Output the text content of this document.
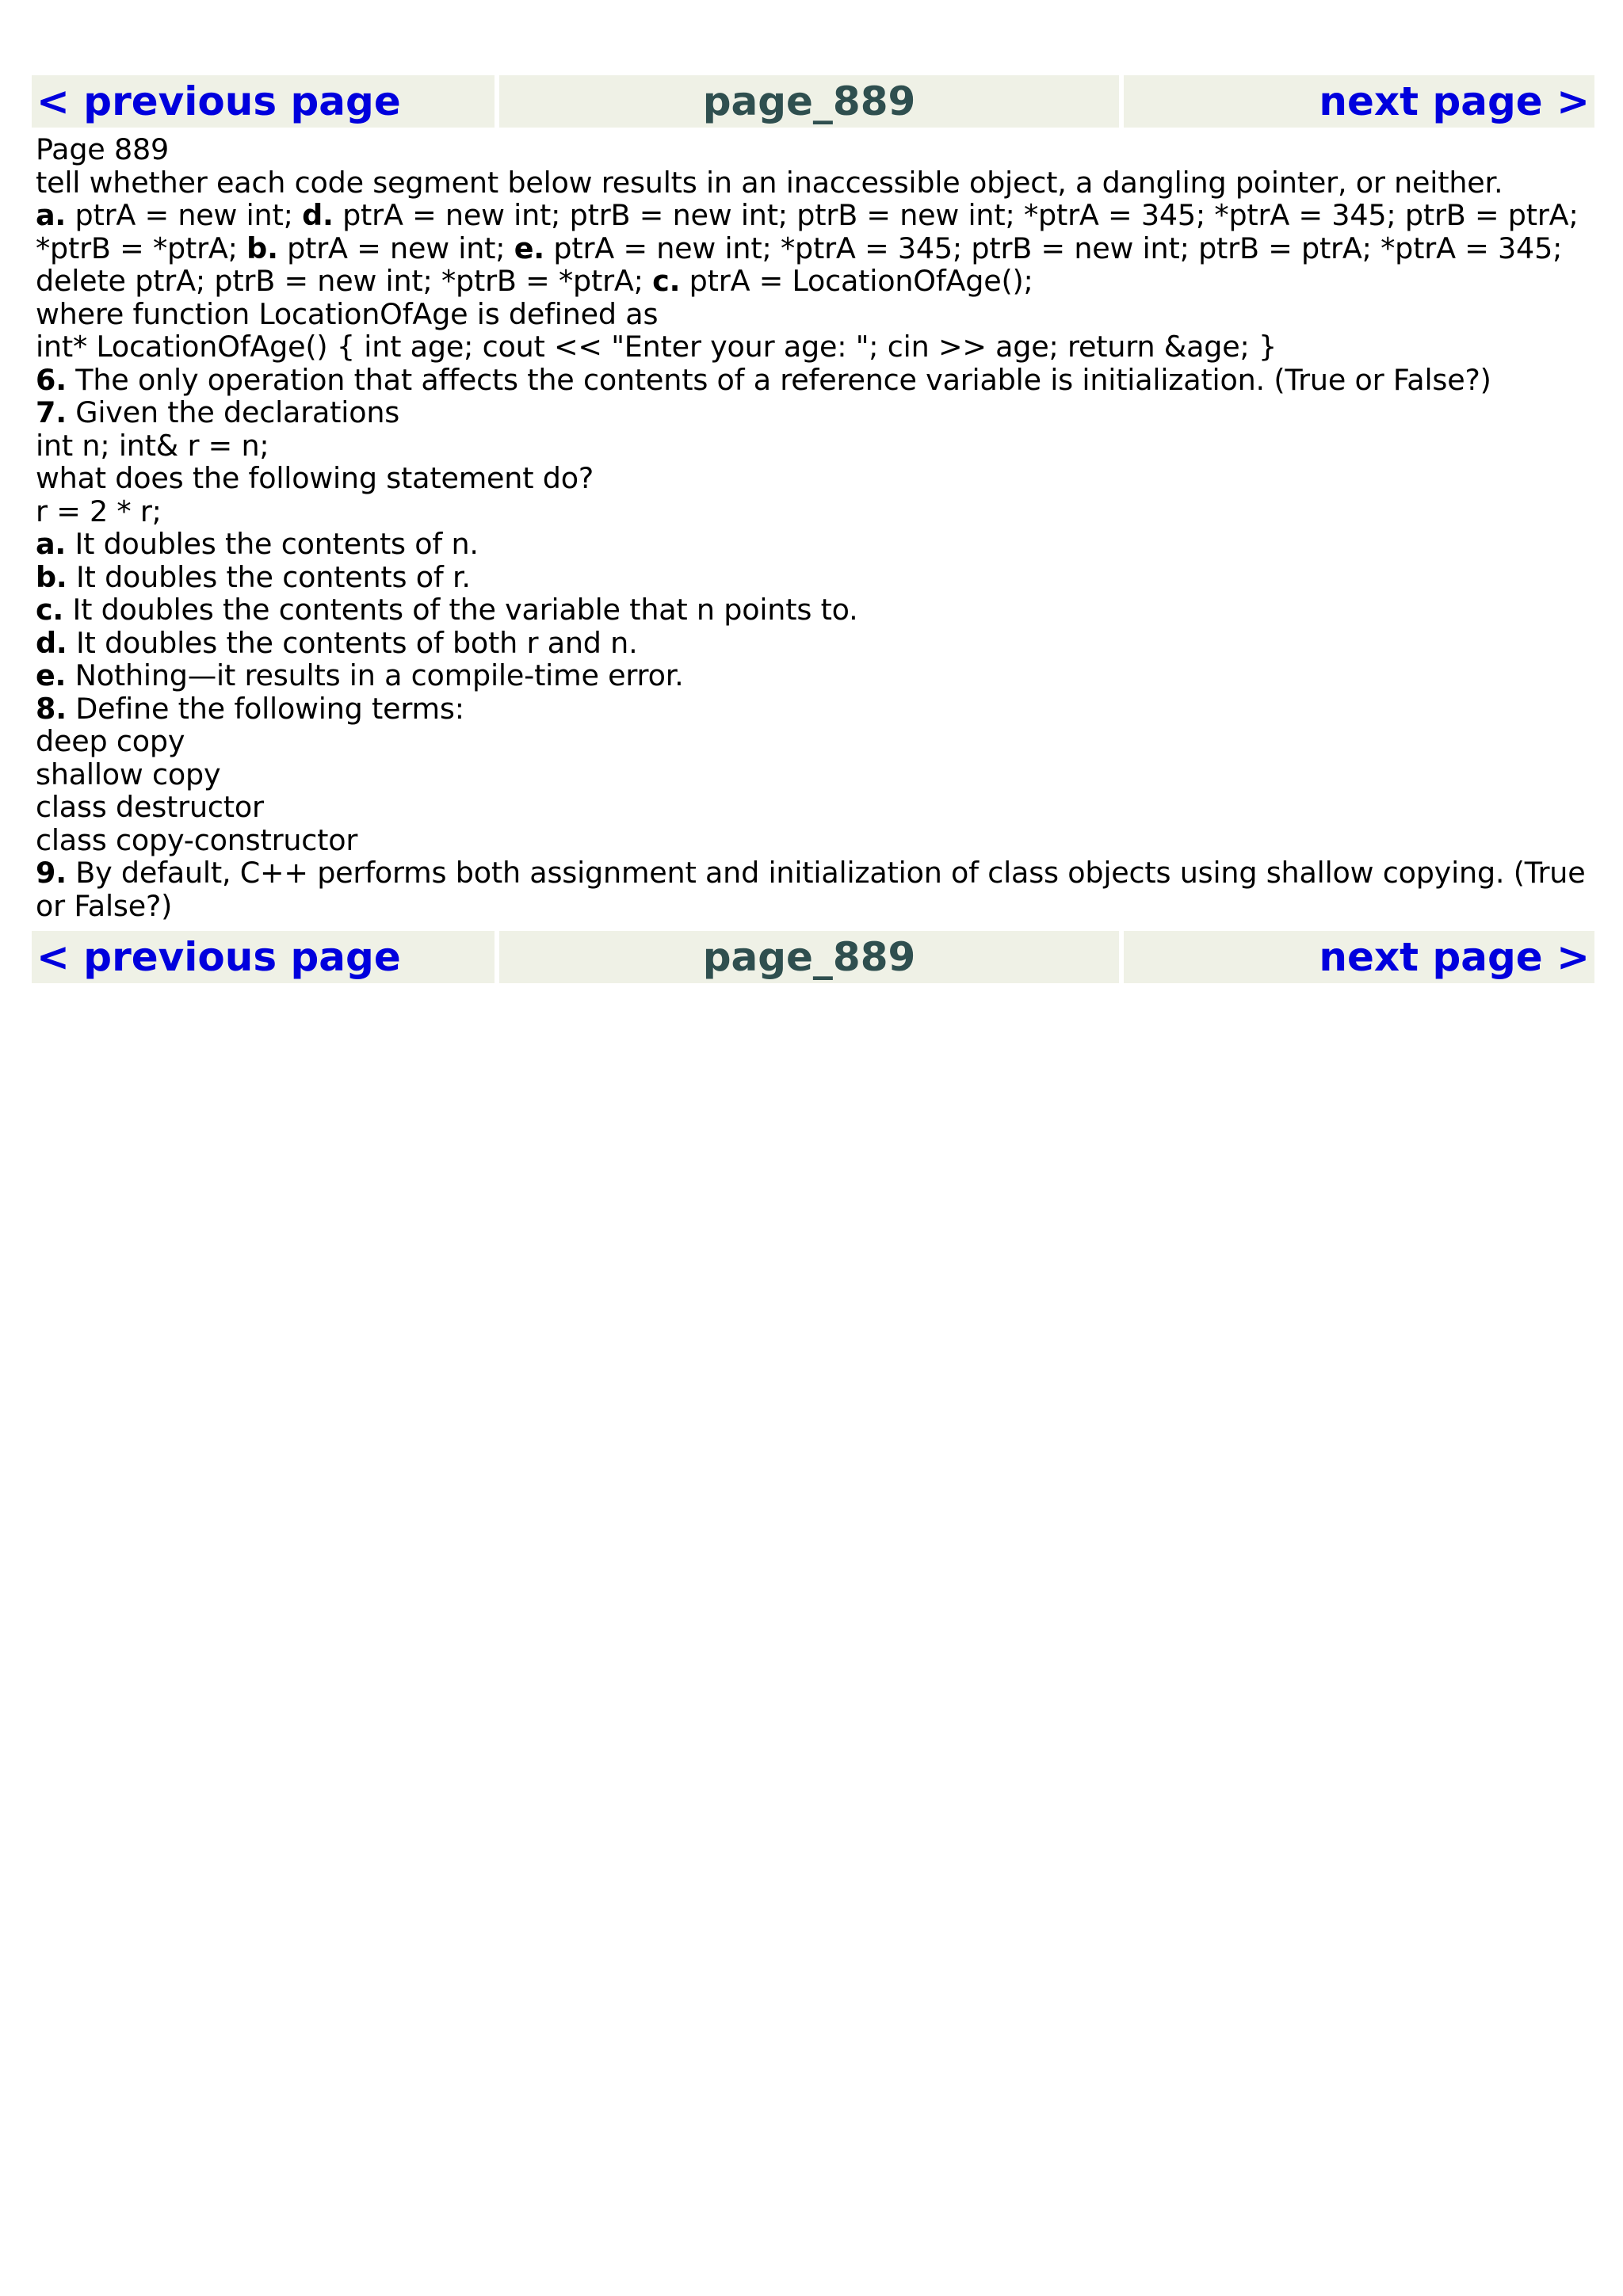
< previous page	page_889	next page >

Page 889

tell whether each code segment below results in an inaccessible object, a dangling pointer, or neither.

a. ptrA = new int; d. ptrA = new int; ptrB = new int; ptrB = new int; *ptrA = 345; *ptrA = 345; ptrB = ptrA; *ptrB = *ptrA; b. ptrA = new int; e. ptrA = new int; *ptrA = 345; ptrB = new int; ptrB = ptrA; *ptrA = 345; delete ptrA; ptrB = new int; *ptrB = *ptrA; c. ptrA = LocationOfAge();

where function LocationOfAge is defined as

int* LocationOfAge() { int age; cout << "Enter your age: "; cin >> age; return &age; }

6. The only operation that affects the contents of a reference variable is initialization. (True or False?)

7. Given the declarations

int n; int& r = n;

what does the following statement do?

r = 2 * r;

a. It doubles the contents of n.

b. It doubles the contents of r.

c. It doubles the contents of the variable that n points to.

d. It doubles the contents of both r and n.

e. Nothing—it results in a compile-time error.

8. Define the following terms:

deep copy

shallow copy

class destructor

class copy-constructor

9. By default, C++ performs both assignment and initialization of class objects using shallow copying. (True or False?)

< previous page	page_889	next page >
